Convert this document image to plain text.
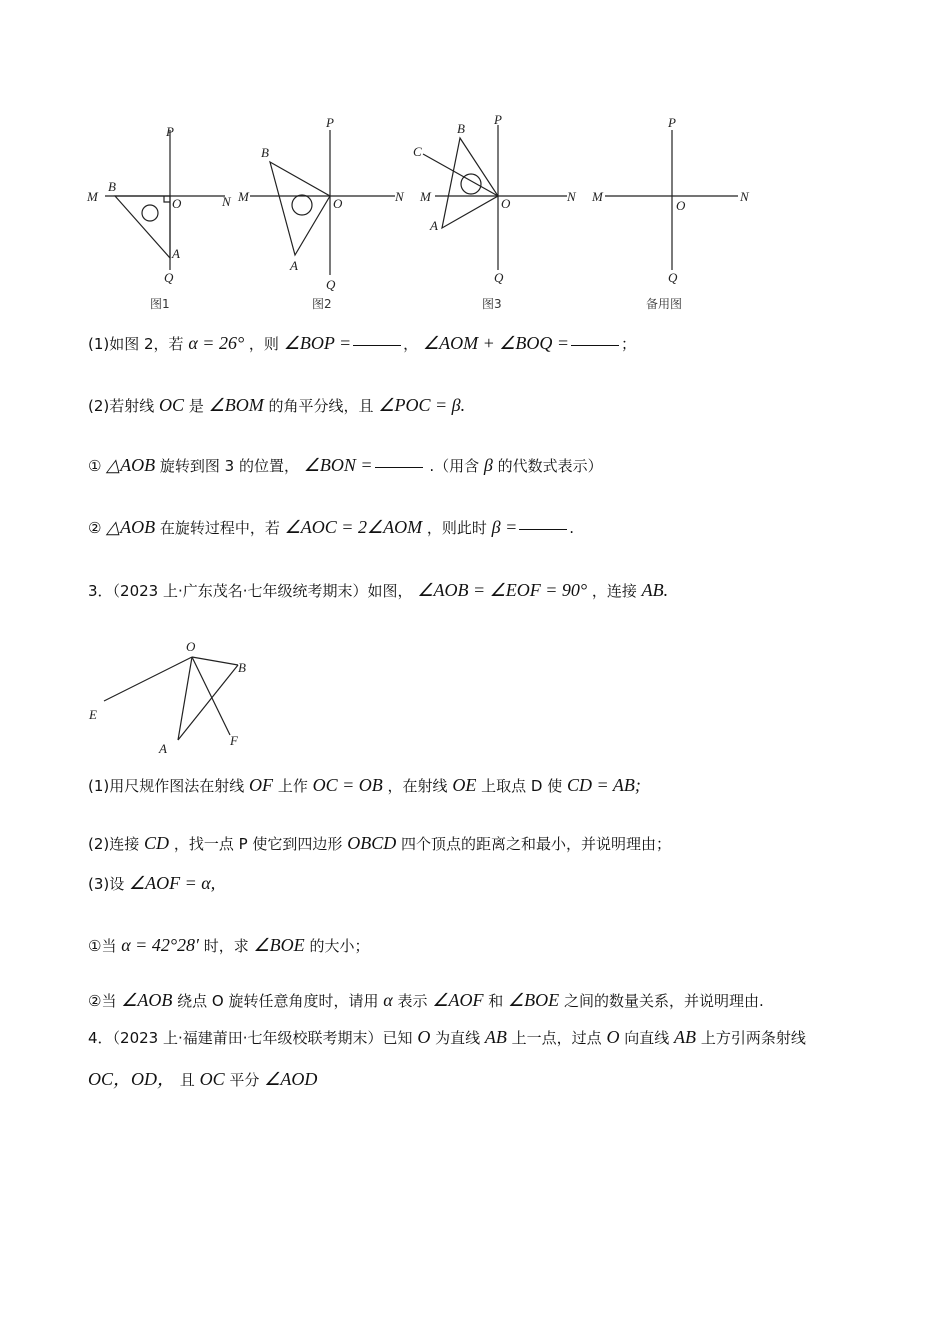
P
M	N
O
B
A
Q
图1
P
M	N
O
B
A
Q
图2
P
M	N
O
B
C
A
Q
图3
P
M	N
O
Q
备用图
(1)如图 2，若 α = 26° ，则 ∠BOP =	， ∠AOM + ∠BOQ =	；
(2)若射线 OC 是 ∠BOM 的角平分线，且 ∠POC = β.
① △AOB 旋转到图 3 的位置， ∠BON =	.（用含 β 的代数式表示）
② △AOB 在旋转过程中，若 ∠AOC = 2∠AOM ，则此时 β =	.
3．（2023 上·广东茂名·七年级统考期末）如图， ∠AOB = ∠EOF = 90° ，连接 AB.
O
B
E
A
F
(1)用尺规作图法在射线 OF 上作 OC = OB ，在射线 OE 上取点 D 使 CD = AB;
(2)连接 CD ，找一点 P 使它到四边形 OBCD 四个顶点的距离之和最小，并说明理由；
(3)设 ∠AOF = α,
①当 α = 42°28′ 时，求 ∠BOE 的大小；
②当 ∠AOB 绕点 O 旋转任意角度时，请用 α 表示 ∠AOF 和 ∠BOE 之间的数量关系，并说明理由.
4．（2023 上·福建莆田·七年级校联考期末）已知 O 为直线 AB 上一点，过点 O 向直线 AB 上方引两条射线
OC，OD， 且 OC 平分 ∠AOD
